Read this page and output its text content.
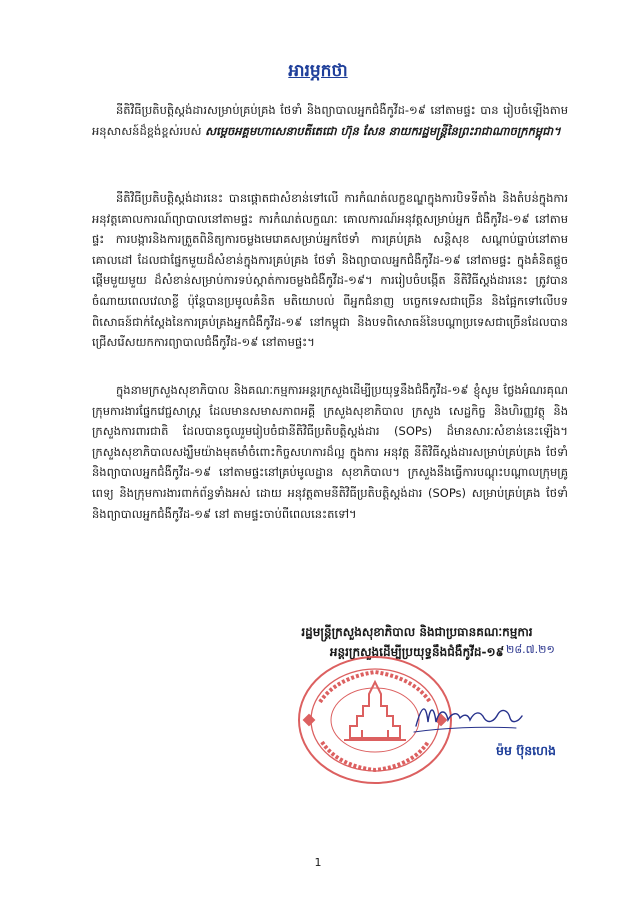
អារម្ភកថា

នីតិវិធីប្រតិបត្តិស្តង់ដារសម្រាប់គ្រប់គ្រង ថែទាំ និងព្យាបាលអ្នកជំងឺកូវីដ-១៩ នៅតាមផ្ទះ បាន រៀបចំឡើងតាមអនុសាសន៍ដ៏ខ្ពង់ខ្ពស់របស់ សម្តេចអគ្គមហាសេនាបតីតេជោ ហ៊ុន សែន នាយករដ្ឋមន្ត្រីនៃព្រះរាជាណាចក្រកម្ពុជា។

នីតិវិធីប្រតិបត្តិស្តង់ដារនេះ បានផ្តោតជាសំខាន់ទៅលើ ការកំណត់លក្ខខណ្ឌក្នុងការបិទទីតាំង និងតំបន់ក្នុងការអនុវត្តគោលការណ៍ព្យាបាលនៅតាមផ្ទះ ការកំណត់លក្ខណៈ គោលការណ៍អនុវត្តសម្រាប់អ្នក ជំងឺកូវីដ-១៩ នៅតាមផ្ទះ ការបង្ការនិងការត្រួតពិនិត្យការចម្លងមេរោគសម្រាប់អ្នកថែទាំ ការគ្រប់គ្រង សន្តិសុខ សណ្តាប់ធ្នាប់នៅតាមគោលដៅ ដែលជាផ្នែកមួយដ៏សំខាន់ក្នុងការគ្រប់គ្រង ថែទាំ និងព្យាបាលអ្នកជំងឺកូវីដ-១៩ នៅតាមផ្ទះ ក្នុងគំនិតផ្តួចផ្តើមមួយមួយ ដ៏សំខាន់សម្រាប់ការទប់ស្កាត់ការចម្លងជំងឺកូវីដ-១៩។ ការរៀបចំបង្កើត នីតិវិធីស្តង់ដារនេះ ត្រូវបានចំណាយពេលវេលាខ្លី ប៉ុន្តែបានប្រមូលគំនិត មតិយោបល់ ពីអ្នកជំនាញ បច្ចេកទេសជាច្រើន និងផ្អែកទៅលើបទពិសោធន៍ជាក់ស្តែងនៃការគ្រប់គ្រងអ្នកជំងឺកូវីដ-១៩ នៅកម្ពុជា និងបទពិសោធន៍នៃបណ្តាប្រទេសជាច្រើនដែលបានជ្រើសរើសយកការព្យាបាលជំងឺកូវីដ-១៩ នៅតាមផ្ទះ។

ក្នុងនាមក្រសួងសុខាភិបាល និងគណៈកម្មការអន្តរក្រសួងដើម្បីប្រយុទ្ធនឹងជំងឺកូវីដ-១៩ ខ្ញុំសូម ថ្លែងអំណរគុណក្រុមការងារផ្នែកវេជ្ជសាស្ត្រ ដែលមានសមាសភាពអគ្គី ក្រសួងសុខាភិបាល ក្រសួង សេដ្ឋកិច្ច និងហិរញ្ញវត្ថុ និងក្រសួងការពារជាតិ ដែលបានចូលរួមរៀបចំជានីតិវិធីប្រតិបត្តិស្តង់ដារ (SOPs) ដ៏មានសារៈសំខាន់នេះឡើង។ ក្រសួងសុខាភិបាលសង្ឃឹមយ៉ាងមុតមាំចំពោះកិច្ចសហការដ៏ល្អ ក្នុងការ អនុវត្ត នីតិវិធីស្តង់ដារសម្រាប់គ្រប់គ្រង ថែទាំ និងព្យាបាលអ្នកជំងឺកូវីដ-១៩ នៅតាមផ្ទះនៅគ្រប់មូលដ្ឋាន សុខាភិបាល។ ក្រសួងនឹងធ្វើការបណ្តុះបណ្តាលក្រុមគ្រូពេទ្យ និងក្រុមការងារពាក់ព័ន្ធទាំងអស់ ដោយ អនុវត្តតាមនីតិវិធីប្រតិបត្តិស្តង់ដារ (SOPs) សម្រាប់គ្រប់គ្រង ថែទាំ និងព្យាបាលអ្នកជំងឺកូវីដ-១៩ នៅ តាមផ្ទះចាប់ពីពេលនេះតទៅ។

រដ្ឋមន្ត្រីក្រសួងសុខាភិបាល និងជាប្រធានគណៈកម្មការ
អន្តរក្រសួងដើម្បីប្រយុទ្ធនឹងជំងឺកូវីដ-១៩ ២៨.៧.២១
ម៉ម ប៊ុនហេង
1
